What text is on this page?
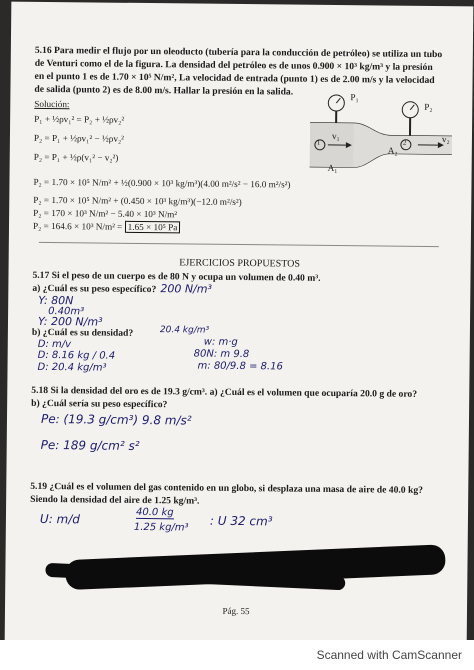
5.16 Para medir el flujo por un oleoducto (tubería para la conducción de petróleo) se utiliza un tubo
de Venturi como el de la figura. La densidad del petróleo es de unos 0.900 × 10³ kg/m³ y la presión
en el punto 1 es de 1.70 × 10⁵ N/m², La velocidad de entrada (punto 1) es de 2.00 m/s y la velocidad
de salida (punto 2) es de 8.00 m/s. Hallar la presión en la salida.
Solución:
P₁ + ½ρv₁² = P₂ + ½ρv₂²
P₂ = P₁ + ½ρv₁² − ½ρv₂²
P₂ = P₁ + ½ρ(v₁² − v₂²)
P₂ = 1.70 × 10⁵ N/m² + ½(0.900 × 10³ kg/m³)(4.00 m²/s² − 16.0 m²/s²)
P₂ = 1.70 × 10⁵ N/m² + (0.450 × 10³ kg/m³)(−12.0 m²/s²)
P₂ = 170 × 10³ N/m² − 5.40 × 10³ N/m²
P₂ = 164.6 × 10³ N/m² = 1.65 × 10⁵ Pa
P₁
P₂
1	2
v₁	v₂
A₁
A₂
EJERCICIOS PROPUESTOS
5.17 Si el peso de un cuerpo es de 80 N y ocupa un volumen de 0.40 m³.
a) ¿Cuál es su peso específico? 200 N/m³
Y: 80N
0.40m³
Y: 200 N/m³
b) ¿Cuál es su densidad?	20.4 kg/m³
D: m/v
D: 8.16 kg / 0.4
D: 20.4 kg/m³
w: m·g
80N: m 9.8
m: 80/9.8 = 8.16
5.18 Si la densidad del oro es de 19.3 g/cm³. a) ¿Cuál es el volumen que ocuparía 20.0 g de oro?
b) ¿Cuál sería su peso específico?
Pe: (19.3 g/cm³) 9.8 m/s²
Pe: 189 g/cm² s²
5.19 ¿Cuál es el volumen del gas contenido en un globo, si desplaza una masa de aire de 40.0 kg?
Siendo la densidad del aire de 1.25 kg/m³.
U: m/d	40.0 kg
1.25 kg/m³ : U 32 cm³
Pág. 55
Scanned with CamScanner
